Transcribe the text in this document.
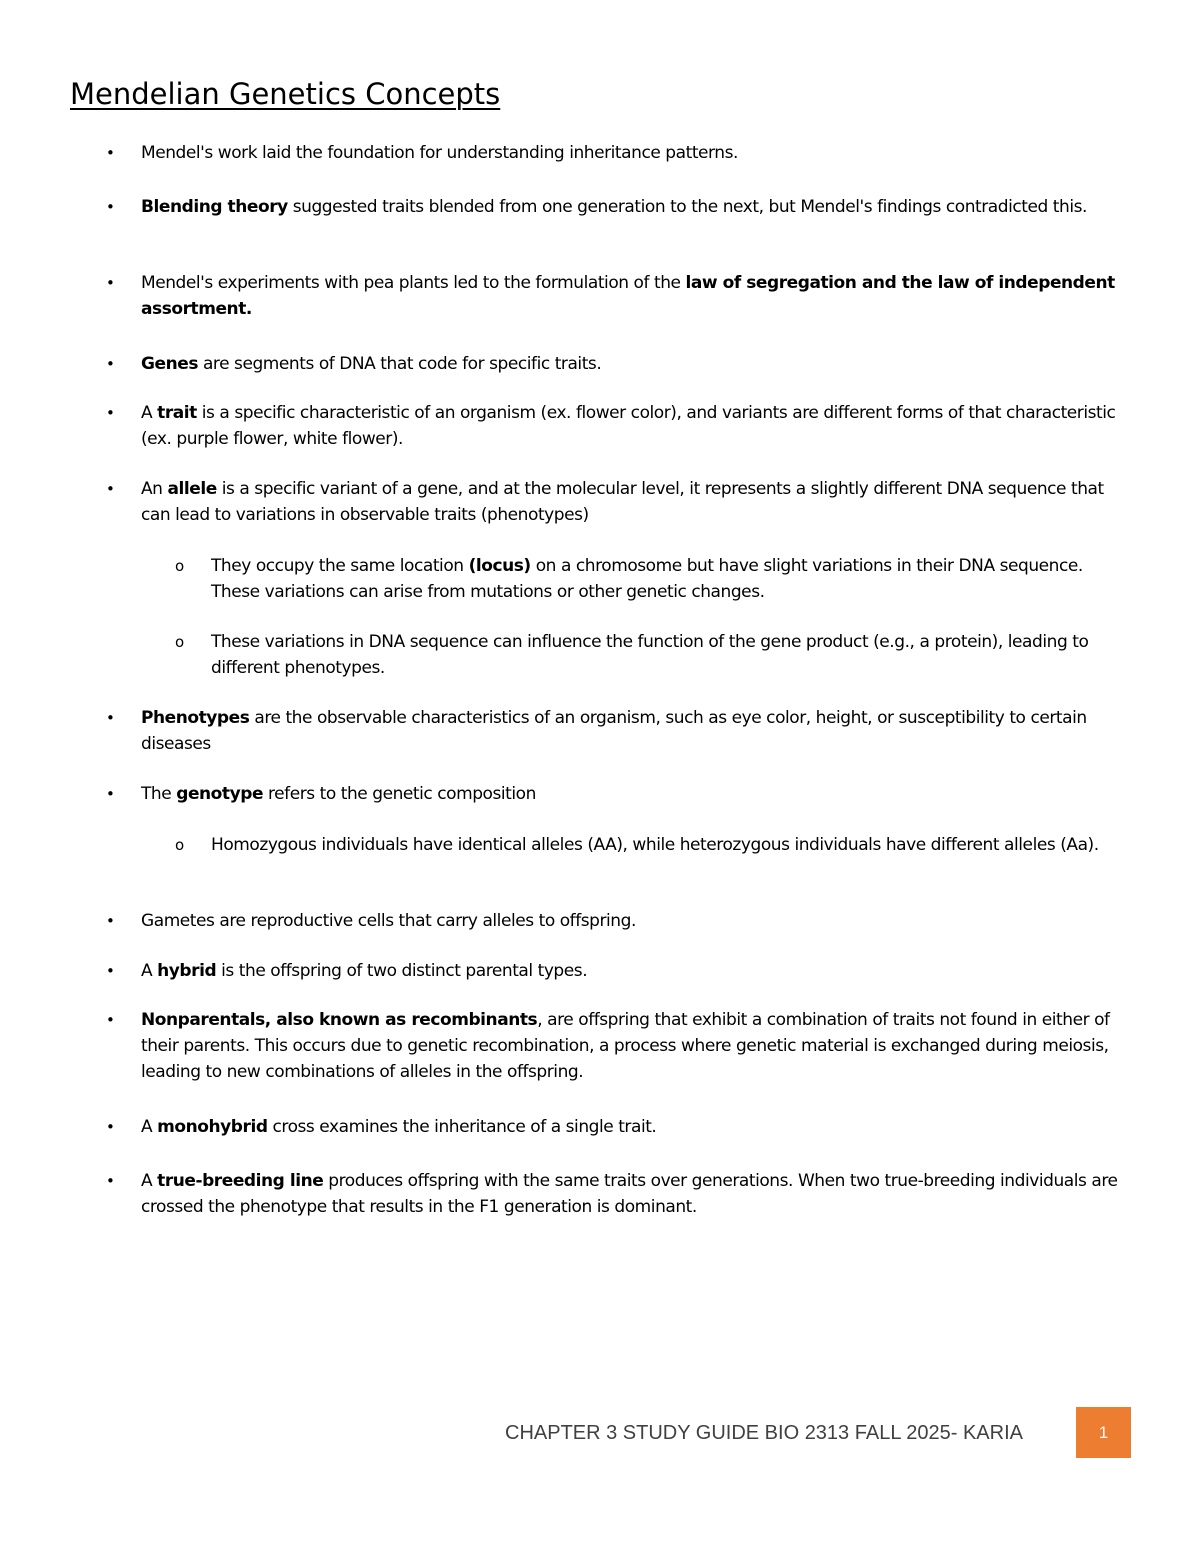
Mendelian Genetics Concepts
• Mendel's work laid the foundation for understanding inheritance patterns.
• Blending theory suggested traits blended from one generation to the next, but Mendel's findings contradicted this.
• Mendel's experiments with pea plants led to the formulation of the law of segregation and the law of independent assortment.
• Genes are segments of DNA that code for specific traits.
• A trait is a specific characteristic of an organism (ex. flower color), and variants are different forms of that characteristic (ex. purple flower, white flower).
• An allele is a specific variant of a gene, and at the molecular level, it represents a slightly different DNA sequence that can lead to variations in observable traits (phenotypes)
o They occupy the same location (locus) on a chromosome but have slight variations in their DNA sequence. These variations can arise from mutations or other genetic changes.
o These variations in DNA sequence can influence the function of the gene product (e.g., a protein), leading to different phenotypes.
• Phenotypes are the observable characteristics of an organism, such as eye color, height, or susceptibility to certain diseases
• The genotype refers to the genetic composition
o Homozygous individuals have identical alleles (AA), while heterozygous individuals have different alleles (Aa).
• Gametes are reproductive cells that carry alleles to offspring.
• A hybrid is the offspring of two distinct parental types.
• Nonparentals, also known as recombinants, are offspring that exhibit a combination of traits not found in either of their parents. This occurs due to genetic recombination, a process where genetic material is exchanged during meiosis, leading to new combinations of alleles in the offspring.
• A monohybrid cross examines the inheritance of a single trait.
• A true-breeding line produces offspring with the same traits over generations. When two true-breeding individuals are crossed the phenotype that results in the F1 generation is dominant.
CHAPTER 3 STUDY GUIDE BIO 2313 FALL 2025- KARIA	1
